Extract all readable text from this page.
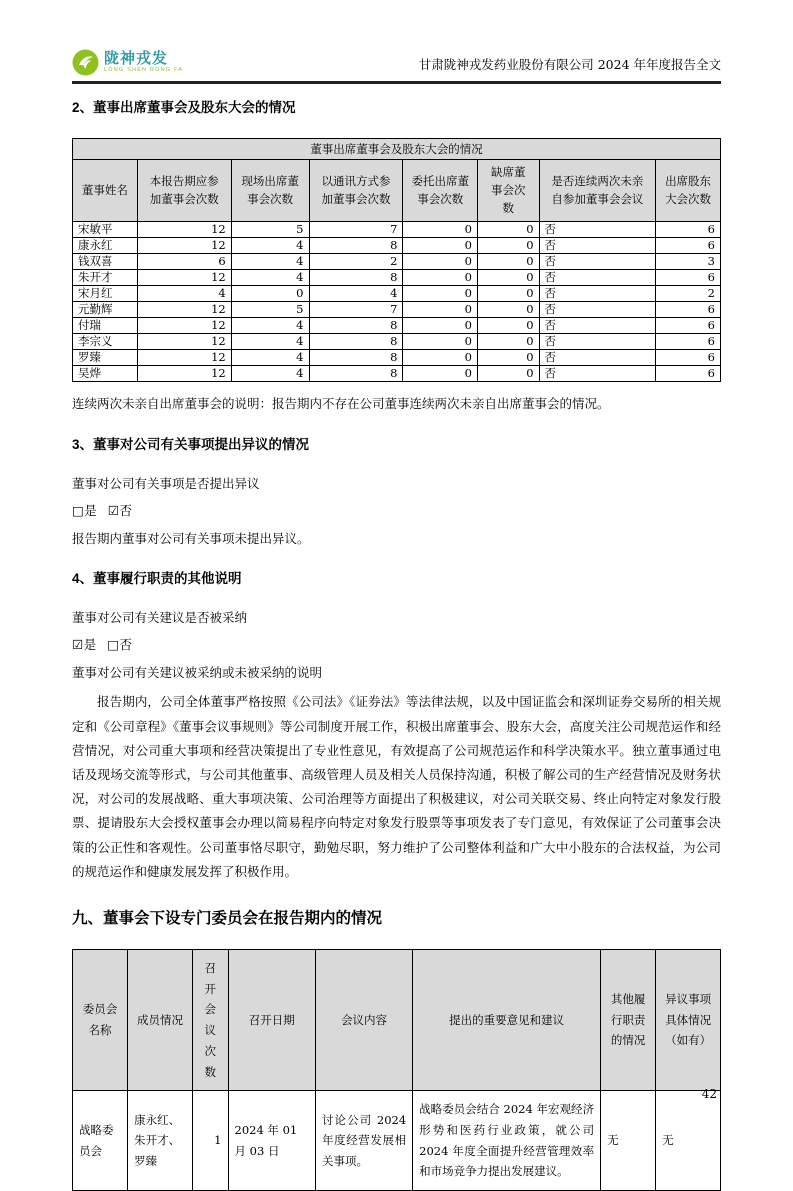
陇神戎发
LONG SHEN RONG FA	甘肃陇神戎发药业股份有限公司 2024 年年度报告全文
2、董事出席董事会及股东大会的情况
董事出席董事会及股东大会的情况							
董事姓名	本报告期应参加董事会次数	现场出席董事会次数	以通讯方式参加董事会次数	委托出席董事会次数	缺席董事会次数	是否连续两次未亲自参加董事会会议	出席股东大会次数
宋敏平	12	5	7	0	0	否	6
康永红	12	4	8	0	0	否	6
钱双喜	6	4	2	0	0	否	3
朱开才	12	4	8	0	0	否	6
宋月红	4	0	4	0	0	否	2
元勤辉	12	5	7	0	0	否	6
付瑞	12	4	8	0	0	否	6
李宗义	12	4	8	0	0	否	6
罗臻	12	4	8	0	0	否	6
吴烨	12	4	8	0	0	否	6
连续两次未亲自出席董事会的说明：报告期内不存在公司董事连续两次未亲自出席董事会的情况。
3、董事对公司有关事项提出异议的情况
董事对公司有关事项是否提出异议
□是 ☑否
报告期内董事对公司有关事项未提出异议。
4、董事履行职责的其他说明
董事对公司有关建议是否被采纳
☑是 □否
董事对公司有关建议被采纳或未被采纳的说明
报告期内，公司全体董事严格按照《公司法》《证券法》等法律法规，以及中国证监会和深圳证券交易所的相关规定和《公司章程》《董事会议事规则》等公司制度开展工作，积极出席董事会、股东大会，高度关注公司规范运作和经营情况，对公司重大事项和经营决策提出了专业性意见，有效提高了公司规范运作和科学决策水平。独立董事通过电话及现场交流等形式，与公司其他董事、高级管理人员及相关人员保持沟通，积极了解公司的生产经营情况及财务状况，对公司的发展战略、重大事项决策、公司治理等方面提出了积极建议，对公司关联交易、终止向特定对象发行股票、提请股东大会授权董事会办理以简易程序向特定对象发行股票等事项发表了专门意见，有效保证了公司董事会决策的公正性和客观性。公司董事恪尽职守，勤勉尽职，努力维护了公司整体利益和广大中小股东的合法权益，为公司的规范运作和健康发展发挥了积极作用。
九、董事会下设专门委员会在报告期内的情况
委员会名称	成员情况	召开会议次数	召开日期	会议内容	提出的重要意见和建议	其他履行职责的情况	异议事项具体情况（如有）
战略委员会	康永红、朱开才、罗臻	1	2024 年 01 月 03 日	讨论公司 2024 年度经营发展相关事项。	战略委员会结合 2024 年宏观经济形势和医药行业政策，就公司 2024 年度全面提升经营管理效率和市场竞争力提出发展建议。	无	无
42
